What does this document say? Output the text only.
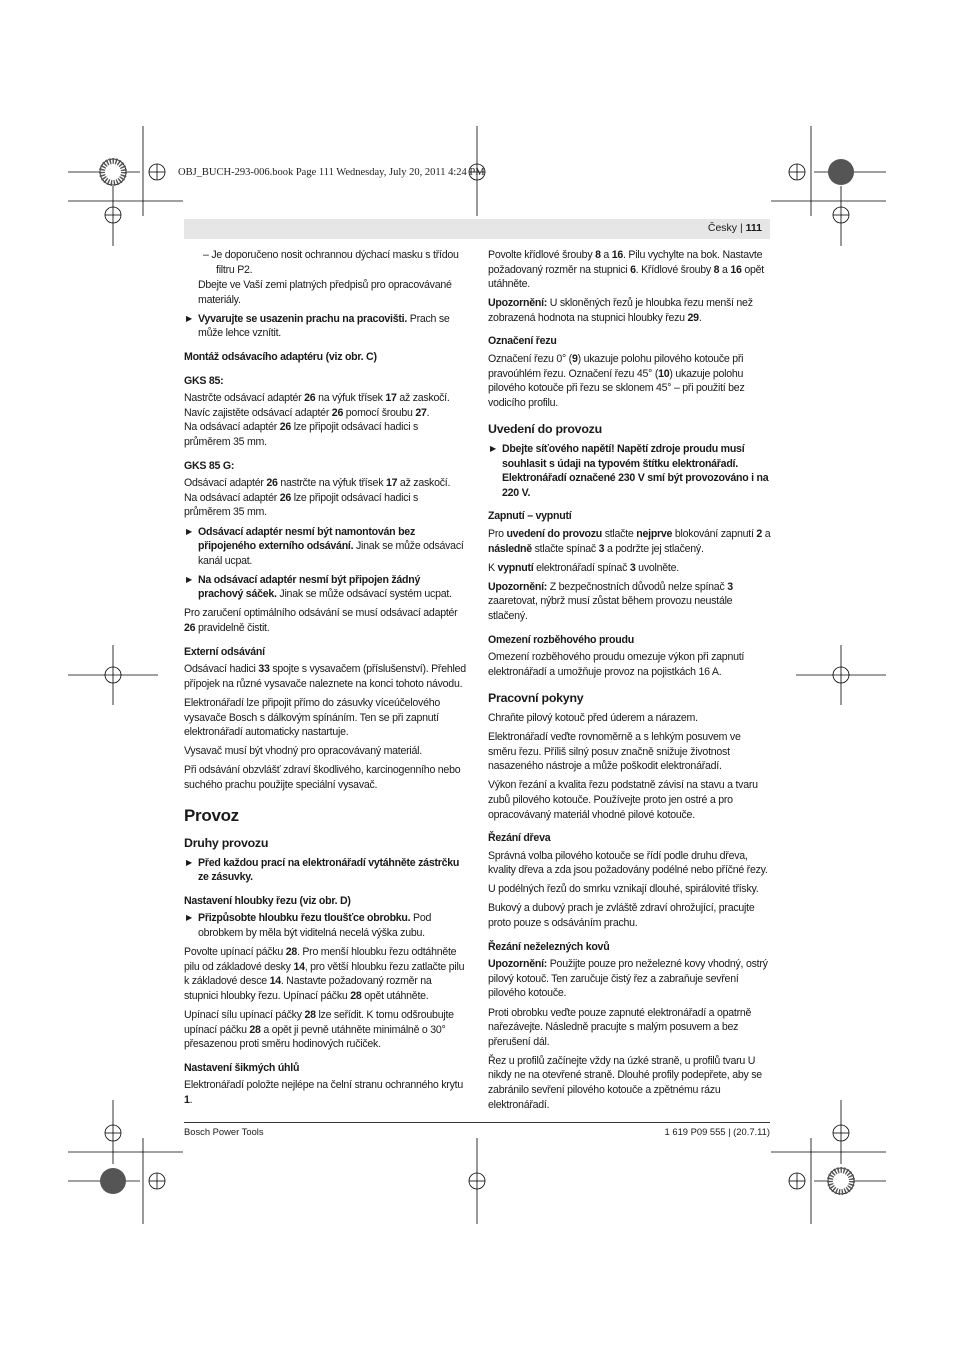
OBJ_BUCH-293-006.book Page 111 Wednesday, July 20, 2011 4:24 PM
Česky | 111

– Je doporučeno nosit ochrannou dýchací masku s třídou filtru P2.

Dbejte ve Vaší zemi platných předpisů pro opracovávané materiály.

▶ Vyvarujte se usazenin prachu na pracovišti. Prach se může lehce vznítit.

Montáž odsávacího adaptéru (viz obr. C)
GKS 85:

Nastrčte odsávací adaptér 26 na výfuk třísek 17 až zaskočí. Navíc zajistěte odsávací adaptér 26 pomocí šroubu 27.
Na odsávací adaptér 26 lze připojit odsávací hadici s průměrem 35 mm.

GKS 85 G:

Odsávací adaptér 26 nastrčte na výfuk třísek 17 až zaskočí.
Na odsávací adaptér 26 lze připojit odsávací hadici s průměrem 35 mm.

▶ Odsávací adaptér nesmí být namontován bez připojeného externího odsávání. Jinak se může odsávací kanál ucpat.

▶ Na odsávací adaptér nesmí být připojen žádný prachový sáček. Jinak se může odsávací systém ucpat.

Pro zaručení optimálního odsávání se musí odsávací adaptér 26 pravidelně čistit.

Externí odsávání

Odsávací hadici 33 spojte s vysavačem (příslušenství). Přehled přípojek na různé vysavače naleznete na konci tohoto návodu.

Elektronářadí lze připojit přímo do zásuvky víceúčelového vysavače Bosch s dálkovým spínáním. Ten se při zapnutí elektronářadí automaticky nastartuje.

Vysavač musí být vhodný pro opracovávaný materiál.

Při odsávání obzvlášť zdraví škodlivého, karcinogenního nebo suchého prachu použijte speciální vysavač.

Provoz
Druhy provozu

▶ Před každou prací na elektronářadí vytáhněte zástrčku ze zásuvky.

Nastavení hloubky řezu (viz obr. D)

▶ Přizpůsobte hloubku řezu tloušťce obrobku. Pod obrobkem by měla být viditelná necelá výška zubu.

Povolte upínací páčku 28. Pro menší hloubku řezu odtáhněte pilu od základové desky 14, pro větší hloubku řezu zatlačte pilu k základové desce 14. Nastavte požadovaný rozměr na stupnici hloubky řezu. Upínací páčku 28 opět utáhněte.

Upínací sílu upínací páčky 28 lze seřídit. K tomu odšroubujte upínací páčku 28 a opět ji pevně utáhněte minimálně o 30° přesazenou proti směru hodinových ručiček.

Nastavení šikmých úhlů

Elektronářadí položte nejlépe na čelní stranu ochranného krytu 1.

Povolte křídlové šrouby 8 a 16. Pilu vychylte na bok. Nastavte požadovaný rozměr na stupnici 6. Křídlové šrouby 8 a 16 opět utáhněte.

Upozornění: U skloněných řezů je hloubka řezu menší než zobrazená hodnota na stupnici hloubky řezu 29.

Označení řezu

Označení řezu 0° (9) ukazuje polohu pilového kotouče při pravoúhlém řezu. Označení řezu 45° (10) ukazuje polohu pilového kotouče při řezu se sklonem 45° – při použití bez vodicího profilu.

Uvedení do provozu

▶ Dbejte síťového napětí! Napětí zdroje proudu musí souhlasit s údaji na typovém štítku elektronářadí. Elektronářadí označené 230 V smí být provozováno i na 220 V.

Zapnutí – vypnutí

Pro uvedení do provozu stlačte nejprve blokování zapnutí 2 a následně stlačte spínač 3 a podržte jej stlačený.

K vypnutí elektronářadí spínač 3 uvolněte.

Upozornění: Z bezpečnostních důvodů nelze spínač 3 zaaretovat, nýbrž musí zůstat během provozu neustále stlačený.

Omezení rozběhového proudu

Omezení rozběhového proudu omezuje výkon při zapnutí elektronářadí a umožňuje provoz na pojistkách 16 A.

Pracovní pokyny

Chraňte pilový kotouč před úderem a nárazem.

Elektronářadí veďte rovnoměrně a s lehkým posuvem ve směru řezu. Příliš silný posuv značně snižuje životnost nasazeného nástroje a může poškodit elektronářadí.

Výkon řezání a kvalita řezu podstatně závisí na stavu a tvaru zubů pilového kotouče. Používejte proto jen ostré a pro opracovávaný materiál vhodné pilové kotouče.

Řezání dřeva

Správná volba pilového kotouče se řídí podle druhu dřeva, kvality dřeva a zda jsou požadovány podélné nebo příčné řezy.

U podélných řezů do smrku vznikají dlouhé, spirálovité třísky.

Bukový a dubový prach je zvláště zdraví ohrožující, pracujte proto pouze s odsáváním prachu.

Řezání neželezných kovů

Upozornění: Použijte pouze pro neželezné kovy vhodný, ostrý pilový kotouč. Ten zaručuje čistý řez a zabraňuje sevření pilového kotouče.

Proti obrobku veďte pouze zapnuté elektronářadí a opatrně nařezávejte. Následně pracujte s malým posuvem a bez přerušení dál.

Řez u profilů začínejte vždy na úzké straně, u profilů tvaru U nikdy ne na otevřené straně. Dlouhé profily podepřete, aby se zabránilo sevření pilového kotouče a zpětnému rázu elektronářadí.

Bosch Power Tools	1 619 P09 555 | (20.7.11)
